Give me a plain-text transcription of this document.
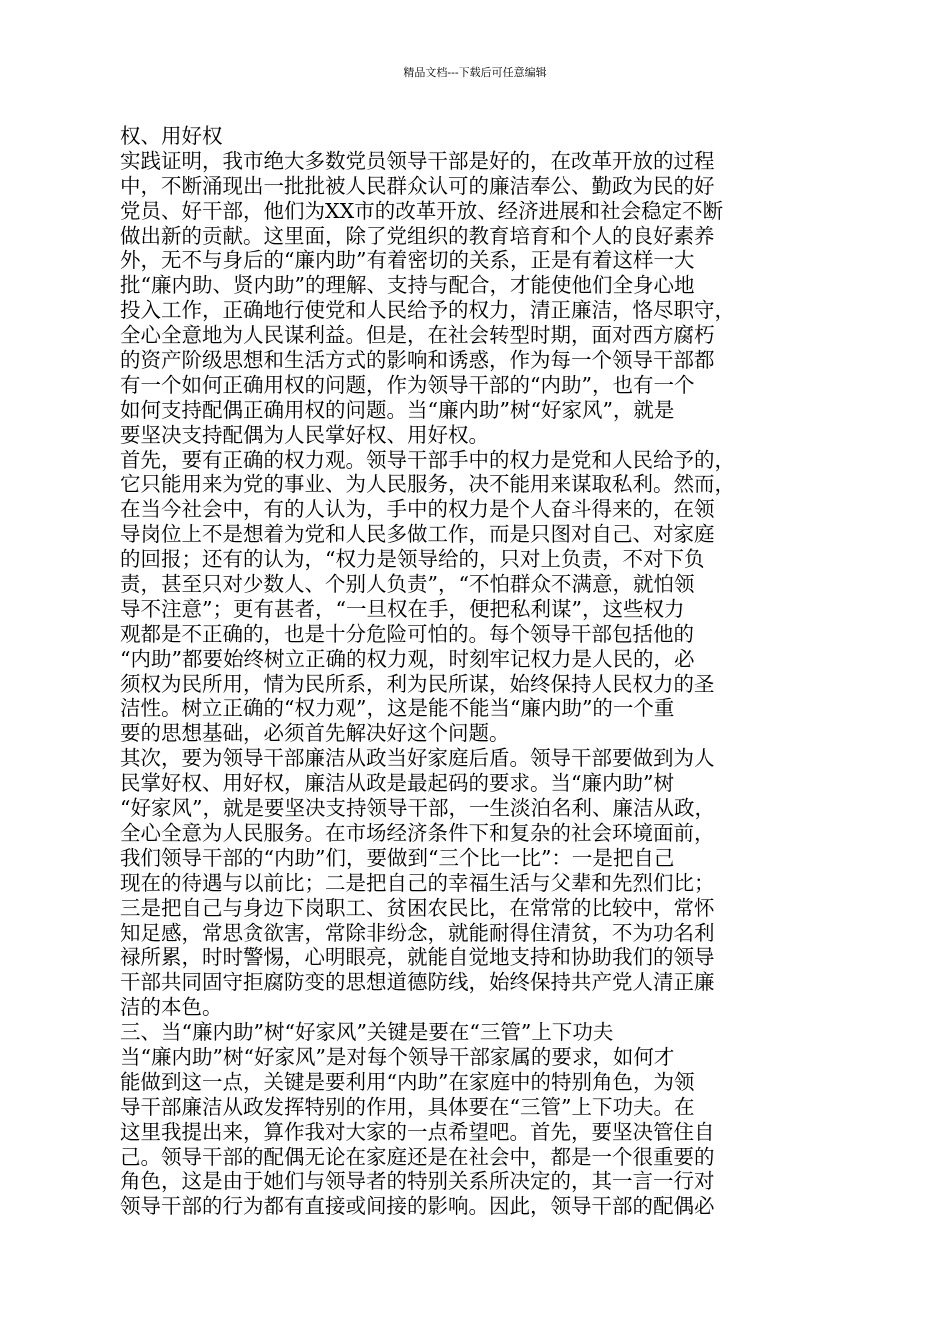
精品文档---下载后可任意编辑
权、用好权
实践证明，我市绝大多数党员领导干部是好的，在改革开放的过程
中，不断涌现出一批批被人民群众认可的廉洁奉公、勤政为民的好
党员、好干部，他们为XX市的改革开放、经济进展和社会稳定不断
做出新的贡献。这里面，除了党组织的教育培育和个人的良好素养
外，无不与身后的“廉内助”有着密切的关系，正是有着这样一大
批“廉内助、贤内助”的理解、支持与配合，才能使他们全身心地
投入工作，正确地行使党和人民给予的权力，清正廉洁，恪尽职守，
全心全意地为人民谋利益。但是，在社会转型时期，面对西方腐朽
的资产阶级思想和生活方式的影响和诱惑，作为每一个领导干部都
有一个如何正确用权的问题，作为领导干部的“内助”，也有一个
如何支持配偶正确用权的问题。当“廉内助”树“好家风”，就是
要坚决支持配偶为人民掌好权、用好权。
首先，要有正确的权力观。领导干部手中的权力是党和人民给予的，
它只能用来为党的事业、为人民服务，决不能用来谋取私利。然而，
在当今社会中，有的人认为，手中的权力是个人奋斗得来的，在领
导岗位上不是想着为党和人民多做工作，而是只图对自己、对家庭
的回报；还有的认为，“权力是领导给的，只对上负责，不对下负
责，甚至只对少数人、个别人负责”，“不怕群众不满意，就怕领
导不注意”；更有甚者，“一旦权在手，便把私利谋”，这些权力
观都是不正确的，也是十分危险可怕的。每个领导干部包括他的
“内助”都要始终树立正确的权力观，时刻牢记权力是人民的，必
须权为民所用，情为民所系，利为民所谋，始终保持人民权力的圣
洁性。树立正确的“权力观”，这是能不能当“廉内助”的一个重
要的思想基础，必须首先解决好这个问题。
其次，要为领导干部廉洁从政当好家庭后盾。领导干部要做到为人
民掌好权、用好权，廉洁从政是最起码的要求。当“廉内助”树
“好家风”，就是要坚决支持领导干部，一生淡泊名利、廉洁从政，
全心全意为人民服务。在市场经济条件下和复杂的社会环境面前，
我们领导干部的“内助”们，要做到“三个比一比”：一是把自己
现在的待遇与以前比；二是把自己的幸福生活与父辈和先烈们比；
三是把自己与身边下岗职工、贫困农民比，在常常的比较中，常怀
知足感，常思贪欲害，常除非纷念，就能耐得住清贫，不为功名利
禄所累，时时警惕，心明眼亮，就能自觉地支持和协助我们的领导
干部共同固守拒腐防变的思想道德防线，始终保持共产党人清正廉
洁的本色。
三、当“廉内助”树“好家风”关键是要在“三管”上下功夫
当“廉内助”树“好家风”是对每个领导干部家属的要求，如何才
能做到这一点，关键是要利用“内助”在家庭中的特别角色，为领
导干部廉洁从政发挥特别的作用，具体要在“三管”上下功夫。在
这里我提出来，算作我对大家的一点希望吧。首先，要坚决管住自
己。领导干部的配偶无论在家庭还是在社会中，都是一个很重要的
角色，这是由于她们与领导者的特别关系所决定的，其一言一行对
领导干部的行为都有直接或间接的影响。因此，领导干部的配偶必
